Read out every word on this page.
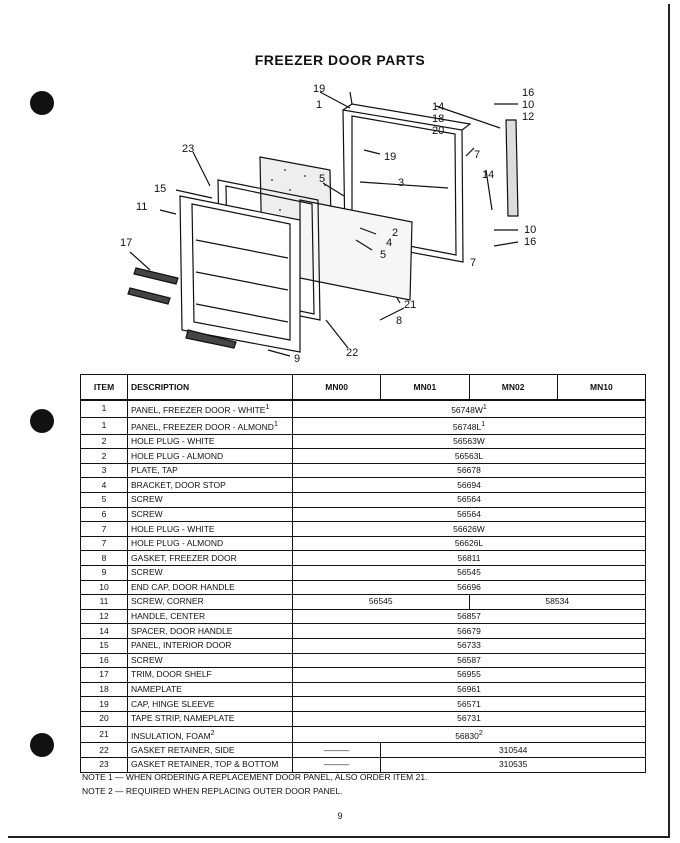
FREEZER DOOR PARTS
19
1	14
18
20
7
19
3
5
16
10
12
14
10
16
2
4
5
7
21
8
22
9
23
15
11
17
ITEM	DESCRIPTION	MN00	MN01	MN02	MN10
1	PANEL, FREEZER DOOR - WHITE$^1$	$56748W^1$
1	PANEL, FREEZER DOOR - ALMOND$^1$	$56748L^1$
2	HOLE PLUG - WHITE	56563W			
2	HOLE PLUG - ALMOND	56563L			
3	PLATE, TAP	56678			
4	BRACKET, DOOR STOP	56694			
5	SCREW	56564			
6	SCREW	56564			
7	HOLE PLUG - WHITE	56626W			
7	HOLE PLUG - ALMOND	56626L			
8	GASKET, FREEZER DOOR	56811			
9	SCREW	56545			
10	END CAP, DOOR HANDLE	56696			
11	SCREW, CORNER	56545		58534	
12	HANDLE, CENTER	56857			
14	SPACER, DOOR HANDLE	56679			
15	PANEL, INTERIOR DOOR	56733			
16	SCREW	56587			
17	TRIM, DOOR SHELF	56955			
18	NAMEPLATE	56961			
19	CAP, HINGE SLEEVE	56571			
20	TAPE STRIP, NAMEPLATE	56731			
21	INSULATION, FOAM$^2$	56830$^2$
22	GASKET RETAINER, SIDE	———	310544		
23	GASKET RETAINER, TOP & BOTTOM	———	310535		
NOTE 1 — WHEN ORDERING A REPLACEMENT DOOR PANEL, ALSO ORDER ITEM 21.
NOTE 2 — REQUIRED WHEN REPLACING OUTER DOOR PANEL.
9
